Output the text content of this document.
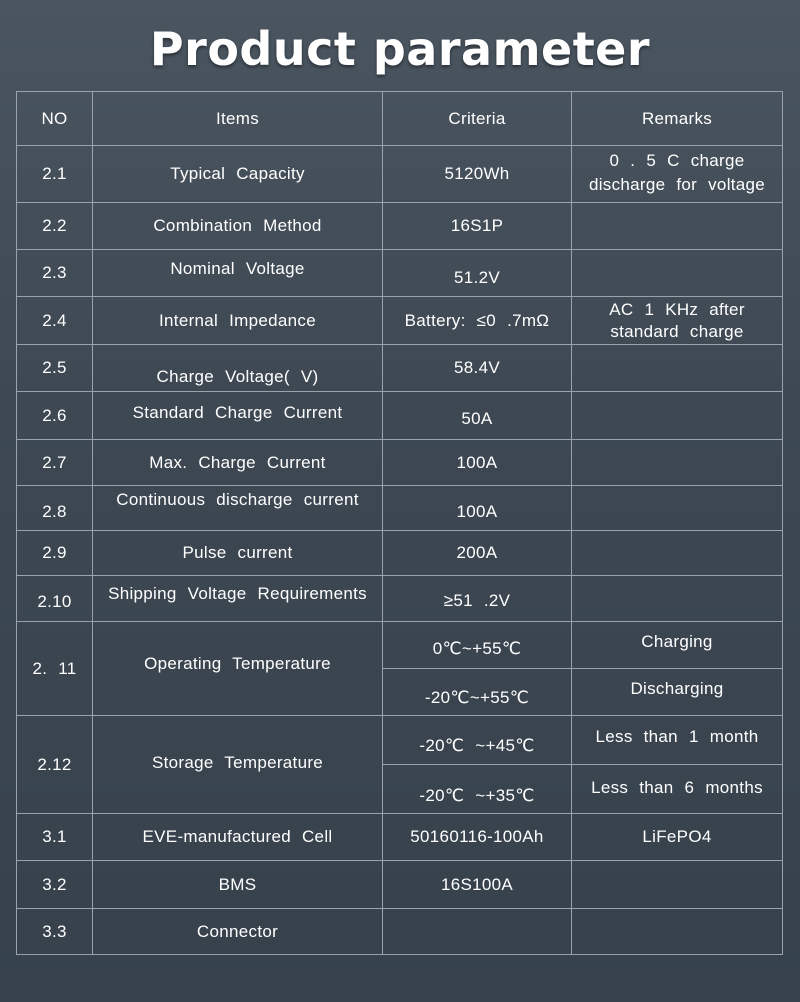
Product parameter
NO	Items	Criteria	Remarks
2.1	Typical Capacity	5120Wh	0 . 5 C charge discharge for voltage
2.2	Combination Method	16S1P	
2.3	Nominal Voltage	51.2V	
2.4	Internal Impedance	Battery: ≤0 .7mΩ	AC 1 KHz after standard charge
2.5	Charge Voltage( V)	58.4V	
2.6	Standard Charge Current	50A	
2.7	Max. Charge Current	100A	
2.8	Continuous discharge current	100A	
2.9	Pulse current	200A	
2.10	Shipping Voltage Requirements	≥51 .2V	
2. 11	Operating Temperature	0℃~+55℃	Charging
		-20℃~+55℃	Discharging
2.12	Storage Temperature	-20℃ ~+45℃	Less than 1 month
		-20℃ ~+35℃	Less than 6 months
3.1	EVE-manufactured Cell	50160116-100Ah	LiFePO4
3.2	BMS	16S100A	
3.3	Connector		
